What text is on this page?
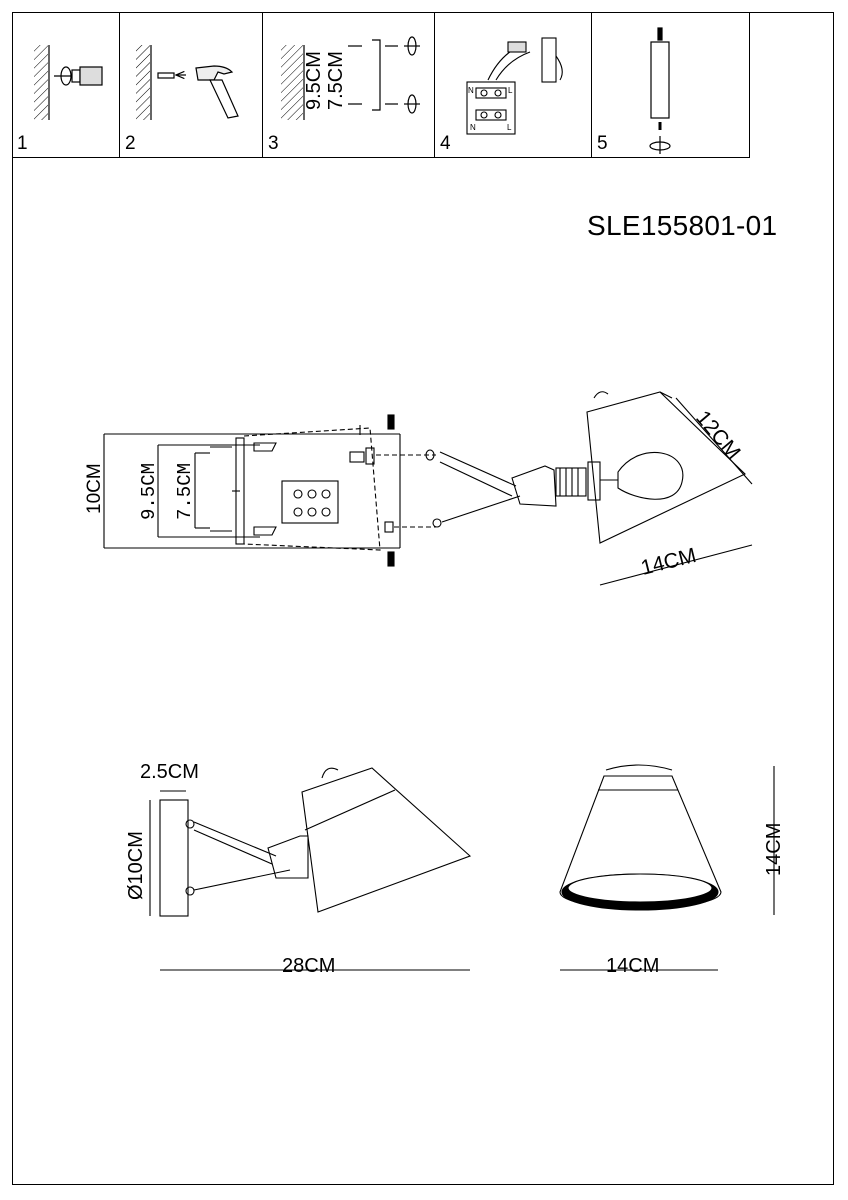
1	2	3	4	5
9.5CM 7.5CM	N	L
N	L
10CM 9.5CM 7.5CM
12CM
14CM
2.5CM
Ø10CM
28CM
14CM
14CM
SLE155801-01
